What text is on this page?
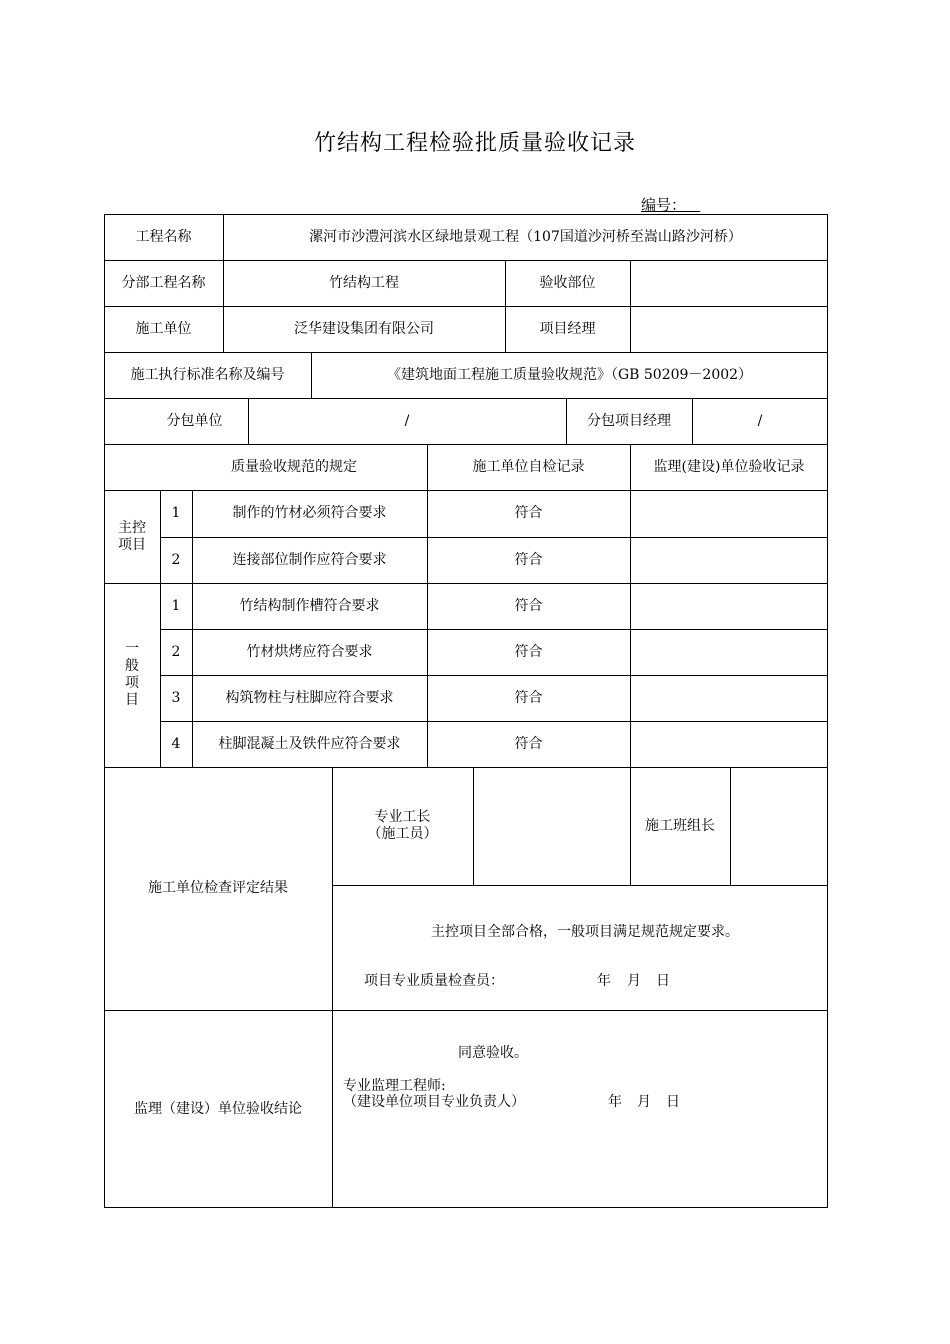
竹结构工程检验批质量验收记录
编号：
工程名称	漯河市沙澧河滨水区绿地景观工程（107国道沙河桥至嵩山路沙河桥）
分部工程名称	竹结构工程	验收部位
施工单位	泛华建设集团有限公司	项目经理
施工执行标准名称及编号	《建筑地面工程施工质量验收规范》（GB 50209－2002）
分包单位	/	分包项目经理	/
质量验收规范的规定	施工单位自检记录	监理(建设)单位验收记录
主控
项目
1	制作的竹材必须符合要求	符合
2	连接部位制作应符合要求	符合
一
般
项
目
1	竹结构制作槽符合要求	符合
2	竹材烘烤应符合要求	符合
3	构筑物柱与柱脚应符合要求	符合
4	柱脚混凝土及铁件应符合要求	符合
施工单位检查评定结果
专业工长
（施工员）
施工班组长
主控项目全部合格，一般项目满足规范规定要求。
项目专业质量检查员：	年 月 日
监理（建设）单位验收结论
同意验收。
专业监理工程师:
（建设单位项目专业负责人）	年 月 日
